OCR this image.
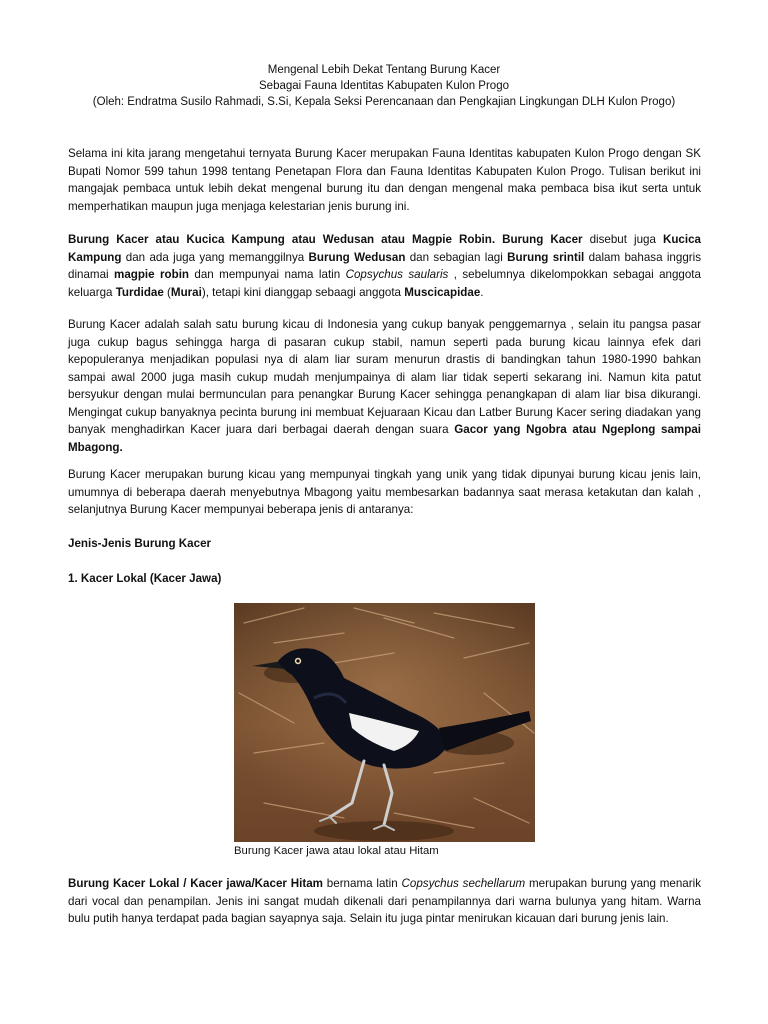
Mengenal Lebih Dekat Tentang Burung Kacer
Sebagai Fauna Identitas Kabupaten Kulon Progo
(Oleh: Endratma Susilo Rahmadi, S.Si, Kepala Seksi Perencanaan dan Pengkajian Lingkungan DLH Kulon Progo)

Selama ini kita jarang mengetahui ternyata Burung Kacer merupakan Fauna Identitas kabupaten Kulon Progo dengan SK Bupati Nomor 599 tahun 1998 tentang Penetapan Flora dan Fauna Identitas Kabupaten Kulon Progo. Tulisan berikut ini mangajak pembaca untuk lebih dekat mengenal burung itu dan dengan mengenal maka pembaca bisa ikut serta untuk memperhatikan maupun juga menjaga kelestarian jenis burung ini.

Burung Kacer atau Kucica Kampung atau Wedusan atau Magpie Robin. Burung Kacer disebut juga Kucica Kampung dan ada juga yang memanggilnya Burung Wedusan dan sebagian lagi Burung srintil dalam bahasa inggris dinamai magpie robin dan mempunyai nama latin Copsychus saularis , sebelumnya dikelompokkan sebagai anggota keluarga Turdidae (Murai), tetapi kini dianggap sebaagi anggota Muscicapidae.

Burung Kacer adalah salah satu burung kicau di Indonesia yang cukup banyak penggemarnya , selain itu pangsa pasar juga cukup bagus sehingga harga di pasaran cukup stabil, namun seperti pada burung kicau lainnya efek dari kepopuleranya menjadikan populasi nya di alam liar suram menurun drastis di bandingkan tahun 1980-1990 bahkan sampai awal 2000 juga masih cukup mudah menjumpainya di alam liar tidak seperti sekarang ini. Namun kita patut bersyukur dengan mulai bermunculan para penangkar Burung Kacer sehingga penangkapan di alam liar bisa dikurangi. Mengingat cukup banyaknya pecinta burung ini membuat Kejuaraan Kicau dan Latber Burung Kacer sering diadakan yang banyak menghadirkan Kacer juara dari berbagai daerah dengan suara Gacor yang Ngobra atau Ngeplong sampai Mbagong.

Burung Kacer merupakan burung kicau yang mempunyai tingkah yang unik yang tidak dipunyai burung kicau jenis lain, umumnya di beberapa daerah menyebutnya Mbagong yaitu membesarkan badannya saat merasa ketakutan dan kalah , selanjutnya Burung Kacer mempunyai beberapa jenis di antaranya:

Jenis-Jenis Burung Kacer

1. Kacer Lokal (Kacer Jawa)

Burung Kacer jawa atau lokal atau Hitam

Burung Kacer Lokal / Kacer jawa/Kacer Hitam bernama latin Copsychus sechellarum merupakan burung yang menarik dari vocal dan penampilan. Jenis ini sangat mudah dikenali dari penampilannya dari warna bulunya yang hitam. Warna bulu putih hanya terdapat pada bagian sayapnya saja. Selain itu juga pintar menirukan kicauan dari burung jenis lain.
